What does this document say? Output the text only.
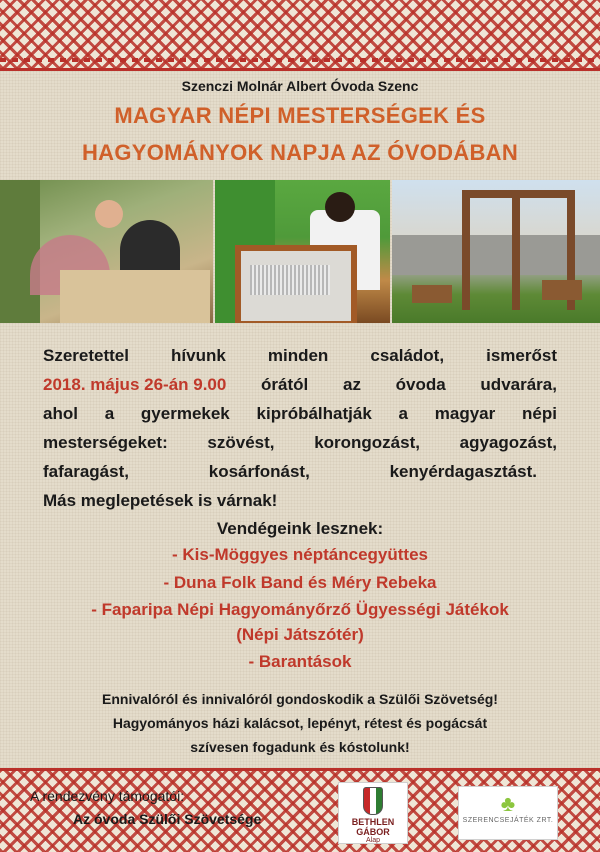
Szenczi Molnár Albert Óvoda Szenc
MAGYAR NÉPI MESTERSÉGEK ÉS
HAGYOMÁNYOK NAPJA AZ ÓVODÁBAN
Szeretettel hívunk minden családot, ismerőst
2018. május 26-án 9.00 órától az óvoda udvarára,
ahol a gyermekek kipróbálhatják a magyar népi
mesterségeket: szövést, korongozást, agyagozást,
fafaragást,	kosárfonást,	kenyérdagasztást.
Más meglepetések is várnak!
Vendégeink lesznek:
- Kis-Möggyes néptáncegyüttes
- Duna Folk Band és Méry Rebeka
- Faparipa Népi Hagyományőrző Ügyességi Játékok
(Népi Játszótér)
- Barantások
Ennivalóról és innivalóról gondoskodik a Szülői Szövetség!
Hagyományos házi kalácsot, lepényt, rétest és pogácsát
szívesen fogadunk és kóstolunk!
A rendezvény támogatói:
Az óvoda Szülői Szövetsége	BETHLEN GÁBOR
Alap
♣
SZERENCSEJÁTÉK ZRT.
